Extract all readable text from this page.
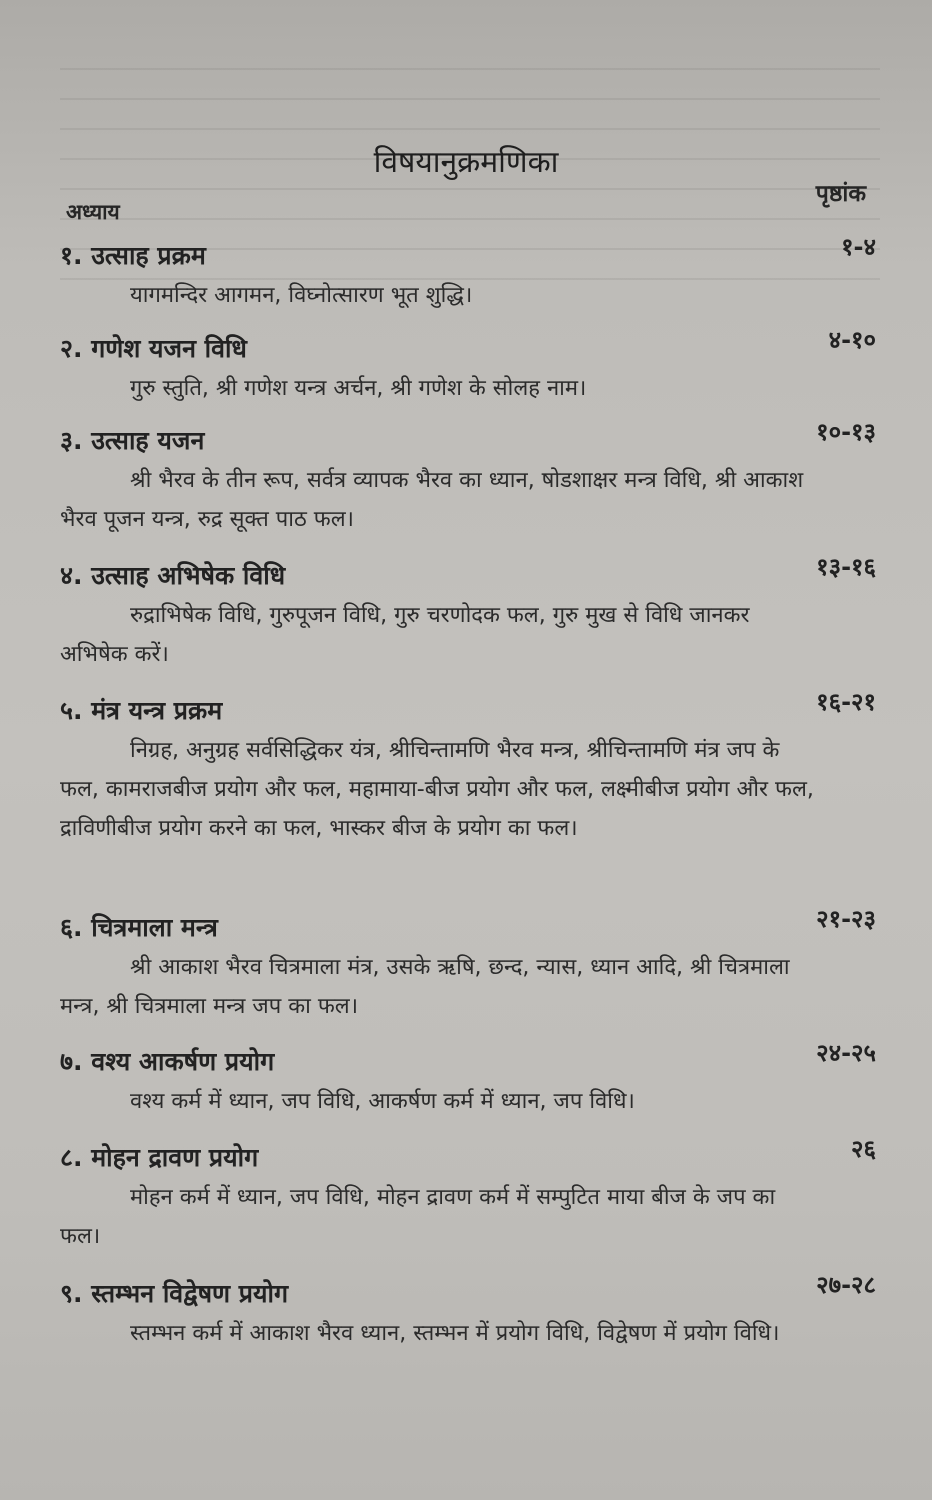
विषयानुक्रमणिका
अध्याय
पृष्ठांक
१. उत्साह प्रक्रम	१-४
यागमन्दिर आगमन, विघ्नोत्सारण भूत शुद्धि।
२. गणेश यजन विधि	४-१०
गुरु स्तुति, श्री गणेश यन्त्र अर्चन, श्री गणेश के सोलह नाम।
३. उत्साह यजन	१०-१३
श्री भैरव के तीन रूप, सर्वत्र व्यापक भैरव का ध्यान, षोडशाक्षर मन्त्र विधि, श्री आकाश भैरव पूजन यन्त्र, रुद्र सूक्त पाठ फल।
४. उत्साह अभिषेक विधि	१३-१६
रुद्राभिषेक विधि, गुरुपूजन विधि, गुरु चरणोदक फल, गुरु मुख से विधि जानकर अभिषेक करें।
५. मंत्र यन्त्र प्रक्रम	१६-२१
निग्रह, अनुग्रह सर्वसिद्धिकर यंत्र, श्रीचिन्तामणि भैरव मन्त्र, श्रीचिन्तामणि मंत्र जप के फल, कामराजबीज प्रयोग और फल, महामाया-बीज प्रयोग और फल, लक्ष्मीबीज प्रयोग और फल, द्राविणीबीज प्रयोग करने का फल, भास्कर बीज के प्रयोग का फल।
६. चित्रमाला मन्त्र	२१-२३
श्री आकाश भैरव चित्रमाला मंत्र, उसके ऋषि, छन्द, न्यास, ध्यान आदि, श्री चित्रमाला मन्त्र, श्री चित्रमाला मन्त्र जप का फल।
७. वश्य आकर्षण प्रयोग	२४-२५
वश्य कर्म में ध्यान, जप विधि, आकर्षण कर्म में ध्यान, जप विधि।
८. मोहन द्रावण प्रयोग	२६
मोहन कर्म में ध्यान, जप विधि, मोहन द्रावण कर्म में सम्पुटित माया बीज के जप का फल।
९. स्तम्भन विद्वेषण प्रयोग	२७-२८
स्तम्भन कर्म में आकाश भैरव ध्यान, स्तम्भन में प्रयोग विधि, विद्वेषण में प्रयोग विधि।
